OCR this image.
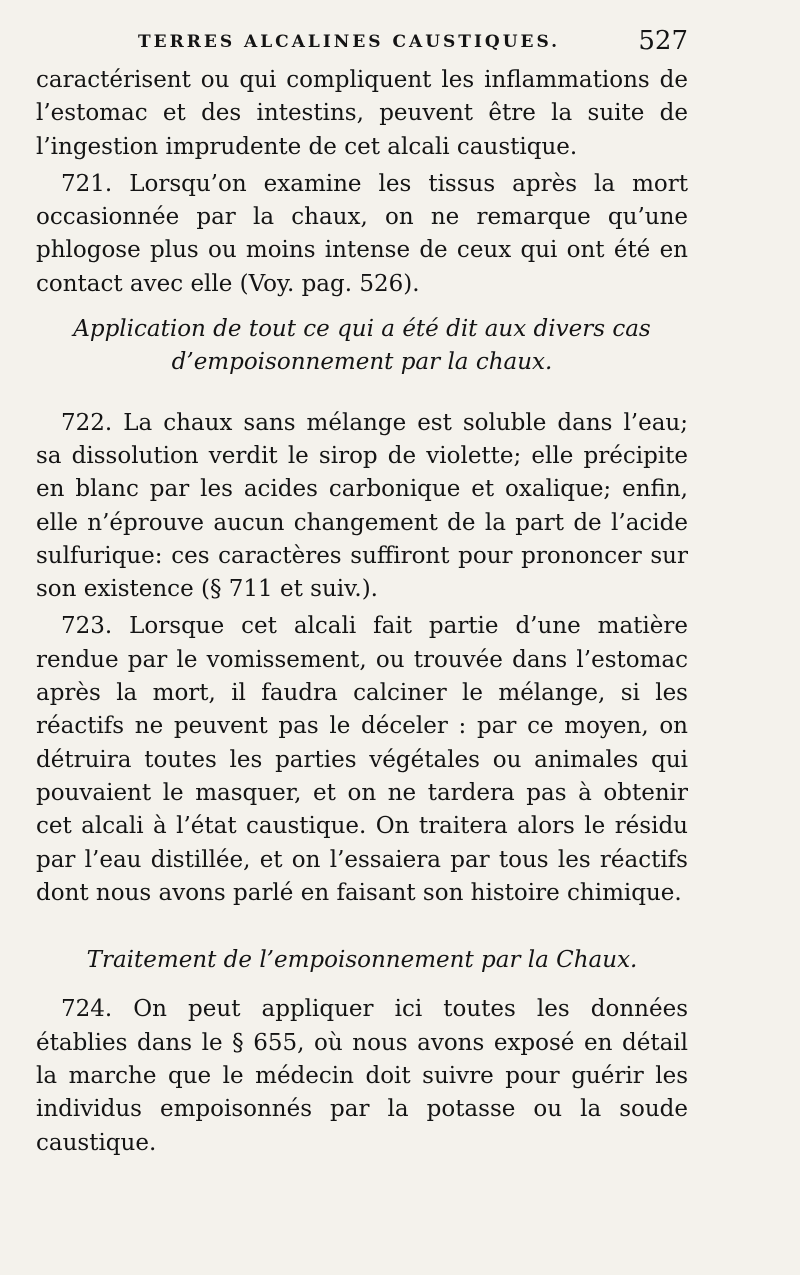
TERRES ALCALINES CAUSTIQUES.	527

caractérisent ou qui compliquent les inflammations de l’estomac et des intestins, peuvent être la suite de l’ingestion imprudente de cet alcali caustique.

721. Lorsqu’on examine les tissus après la mort occasionnée par la chaux, on ne remarque qu’une phlogose plus ou moins intense de ceux qui ont été en contact avec elle (Voy. pag. 526).

Application de tout ce qui a été dit aux divers cas d’empoisonnement par la chaux.

722. La chaux sans mélange est soluble dans l’eau; sa dissolution verdit le sirop de violette; elle précipite en blanc par les acides carbonique et oxalique; enfin, elle n’éprouve aucun changement de la part de l’acide sulfurique: ces caractères suffiront pour prononcer sur son existence (§ 711 et suiv.).

723. Lorsque cet alcali fait partie d’une matière rendue par le vomissement, ou trouvée dans l’estomac après la mort, il faudra calciner le mélange, si les réactifs ne peuvent pas le déceler : par ce moyen, on détruira toutes les parties végétales ou animales qui pouvaient le masquer, et on ne tardera pas à obtenir cet alcali à l’état caustique. On traitera alors le résidu par l’eau distillée, et on l’essaiera par tous les réactifs dont nous avons parlé en faisant son histoire chimique.

Traitement de l’empoisonnement par la Chaux.

724. On peut appliquer ici toutes les données établies dans le § 655, où nous avons exposé en détail la marche que le médecin doit suivre pour guérir les individus empoisonnés par la potasse ou la soude caustique.
